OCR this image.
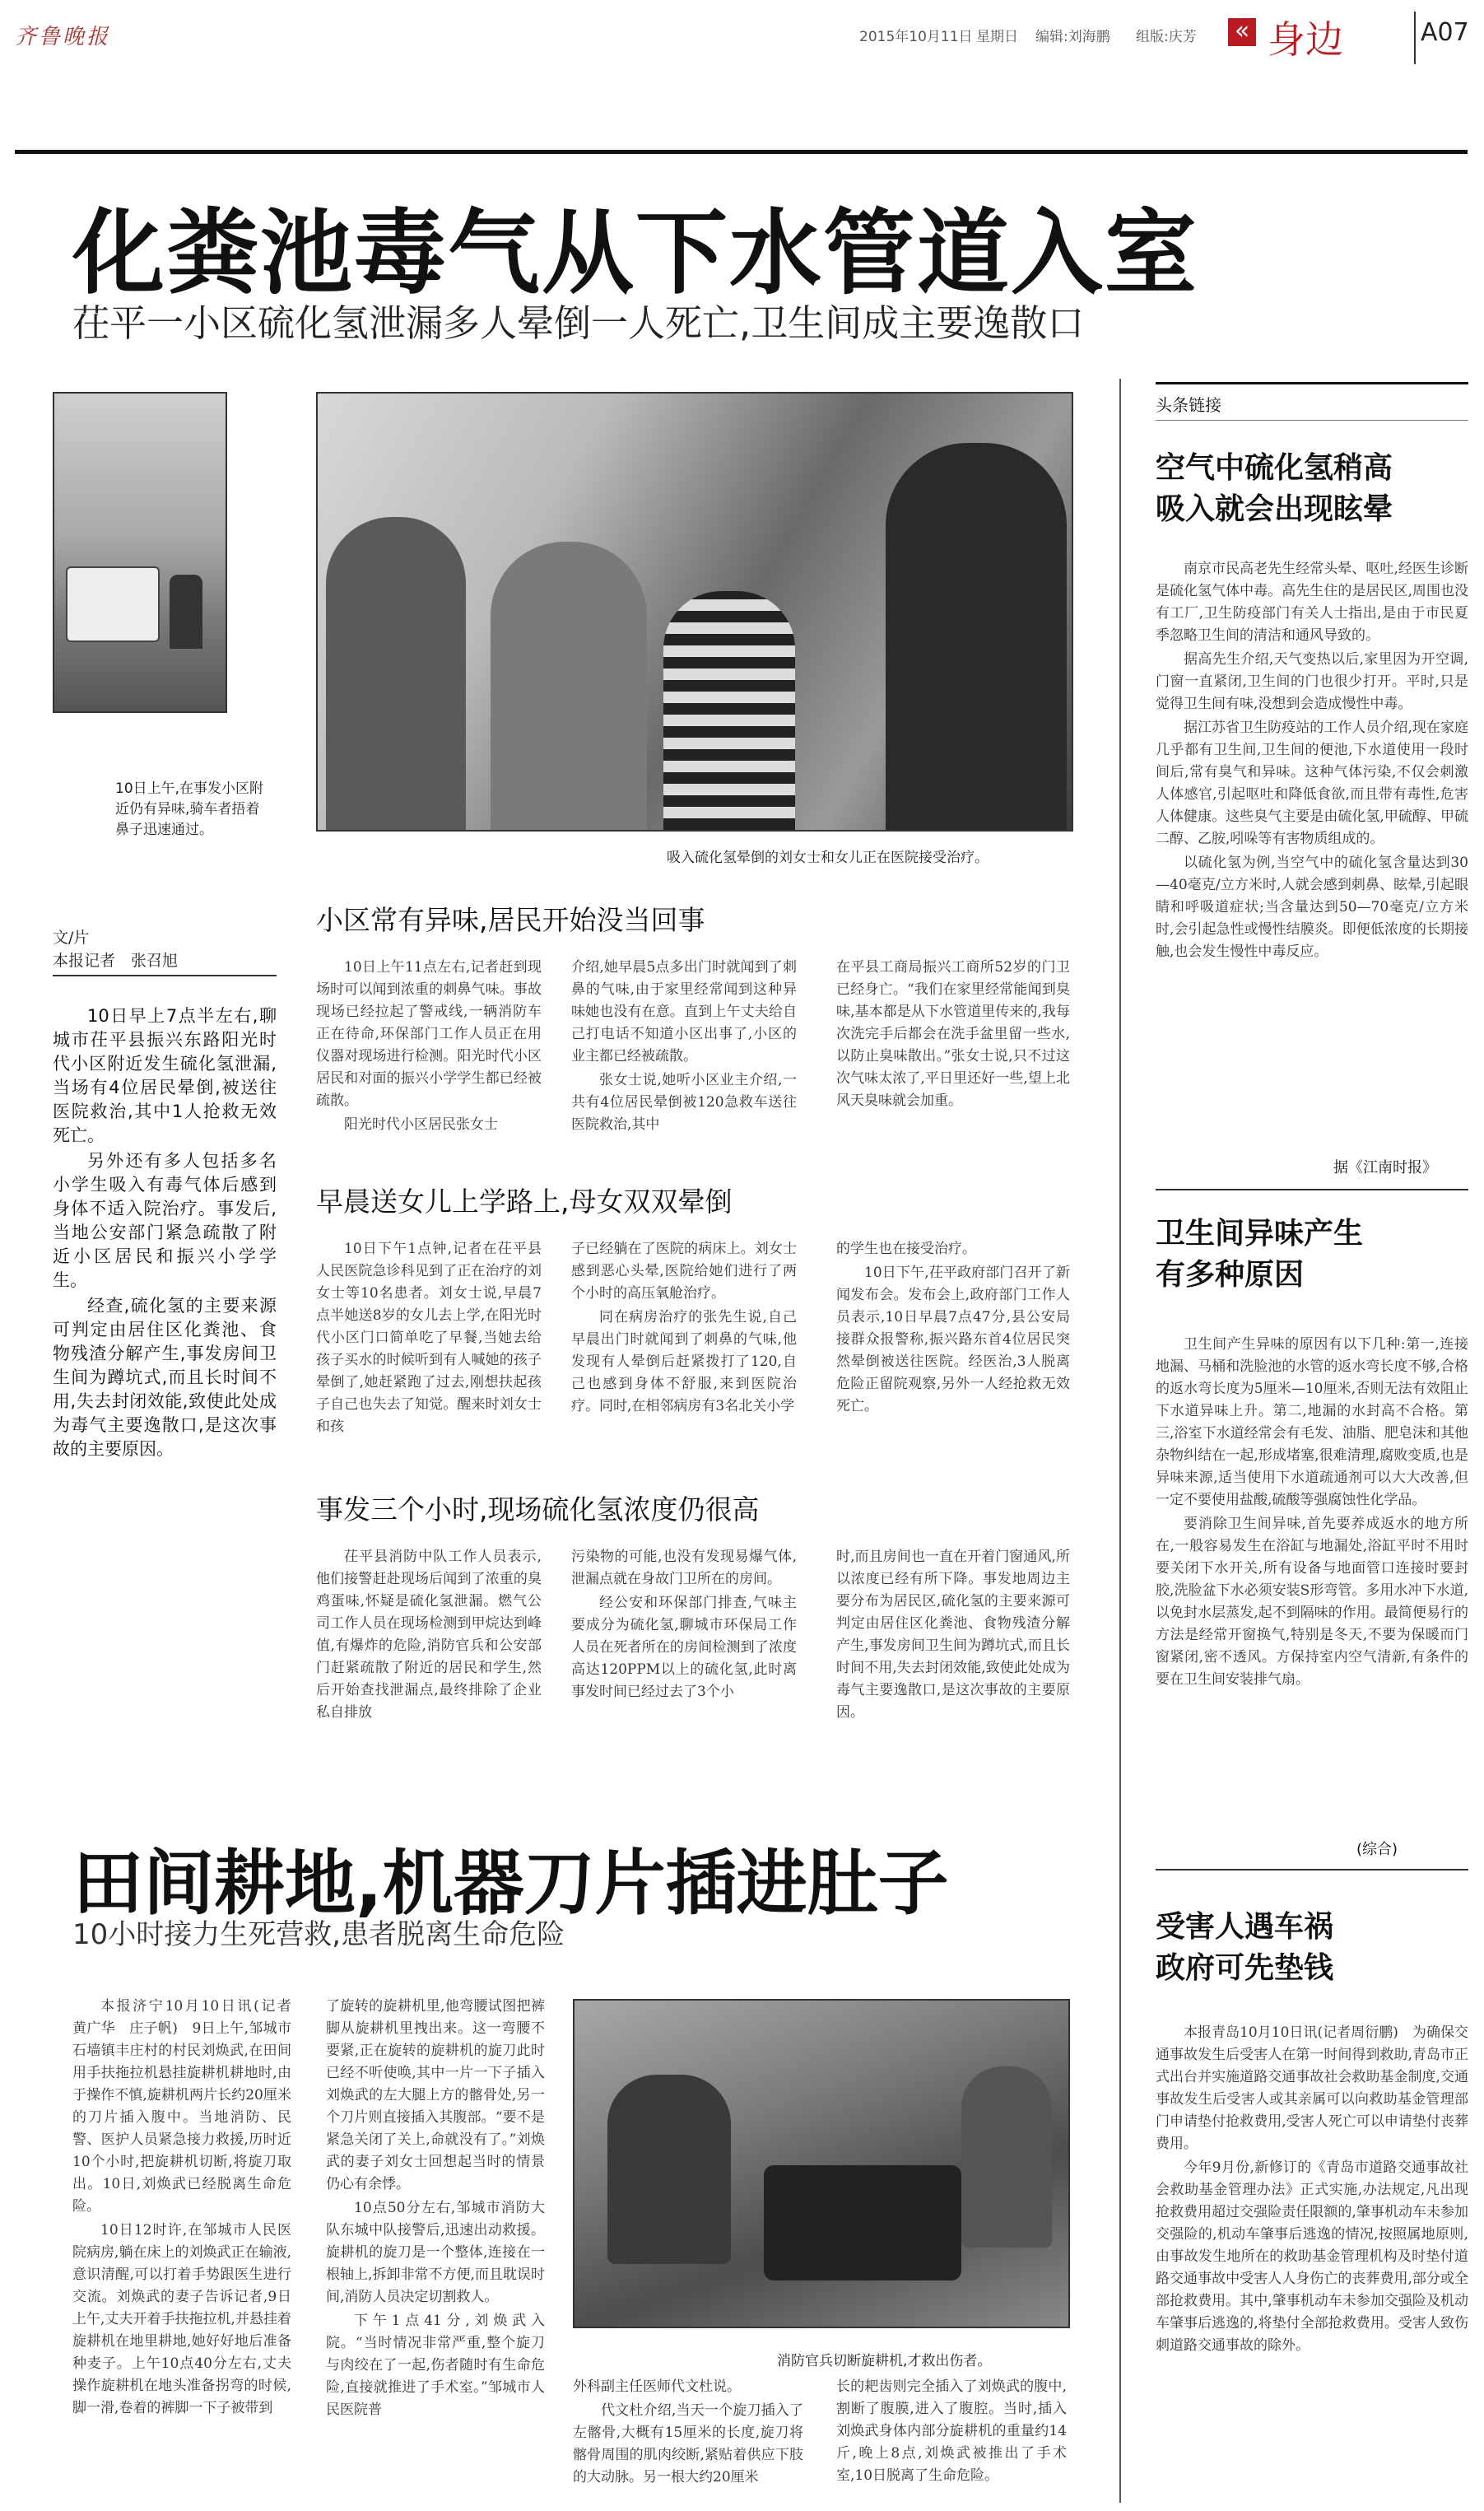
齐鲁晚报	2015年10月11日 星期日 编辑:刘海鹏 组版:庆芳 « 身边	A07
化粪池毒气从下水管道入室
茌平一小区硫化氢泄漏多人晕倒一人死亡,卫生间成主要逸散口
10日上午,在事发小区附近仍有异味,骑车者捂着鼻子迅速通过。
吸入硫化氢晕倒的刘女士和女儿正在医院接受治疗。
文/片
本报记者　张召旭

10日早上7点半左右,聊城市茌平县振兴东路阳光时代小区附近发生硫化氢泄漏,当场有4位居民晕倒,被送往医院救治,其中1人抢救无效死亡。

另外还有多人包括多名小学生吸入有毒气体后感到身体不适入院治疗。事发后,当地公安部门紧急疏散了附近小区居民和振兴小学学生。

经查,硫化氢的主要来源可判定由居住区化粪池、食物残渣分解产生,事发房间卫生间为蹲坑式,而且长时间不用,失去封闭效能,致使此处成为毒气主要逸散口,是这次事故的主要原因。

小区常有异味,居民开始没当回事

10日上午11点左右,记者赶到现场时可以闻到浓重的刺鼻气味。事故现场已经拉起了警戒线,一辆消防车正在待命,环保部门工作人员正在用仪器对现场进行检测。阳光时代小区居民和对面的振兴小学学生都已经被疏散。

阳光时代小区居民张女士

介绍,她早晨5点多出门时就闻到了刺鼻的气味,由于家里经常闻到这种异味她也没有在意。直到上午丈夫给自己打电话不知道小区出事了,小区的业主都已经被疏散。

张女士说,她听小区业主介绍,一共有4位居民晕倒被120急救车送往医院救治,其中

在平县工商局振兴工商所52岁的门卫已经身亡。“我们在家里经常能闻到臭味,基本都是从下水管道里传来的,我每次洗完手后都会在洗手盆里留一些水,以防止臭味散出。”张女士说,只不过这次气味太浓了,平日里还好一些,望上北风天臭味就会加重。

早晨送女儿上学路上,母女双双晕倒

10日下午1点钟,记者在茌平县人民医院急诊科见到了正在治疗的刘女士等10名患者。刘女士说,早晨7点半她送8岁的女儿去上学,在阳光时代小区门口简单吃了早餐,当她去给孩子买水的时候听到有人喊她的孩子晕倒了,她赶紧跑了过去,刚想扶起孩子自己也失去了知觉。醒来时刘女士和孩

子已经躺在了医院的病床上。刘女士感到恶心头晕,医院给她们进行了两个小时的高压氧舱治疗。

同在病房治疗的张先生说,自己早晨出门时就闻到了刺鼻的气味,他发现有人晕倒后赶紧拨打了120,自己也感到身体不舒服,来到医院治疗。同时,在相邻病房有3名北关小学

的学生也在接受治疗。

10日下午,茌平政府部门召开了新闻发布会。发布会上,政府部门工作人员表示,10日早晨7点47分,县公安局接群众报警称,振兴路东首4位居民突然晕倒被送往医院。经医治,3人脱离危险正留院观察,另外一人经抢救无效死亡。

事发三个小时,现场硫化氢浓度仍很高

茌平县消防中队工作人员表示,他们接警赶赴现场后闻到了浓重的臭鸡蛋味,怀疑是硫化氢泄漏。燃气公司工作人员在现场检测到甲烷达到峰值,有爆炸的危险,消防官兵和公安部门赶紧疏散了附近的居民和学生,然后开始查找泄漏点,最终排除了企业私自排放

污染物的可能,也没有发现易爆气体,泄漏点就在身故门卫所在的房间。

经公安和环保部门排查,气味主要成分为硫化氢,聊城市环保局工作人员在死者所在的房间检测到了浓度高达120PPM以上的硫化氢,此时离事发时间已经过去了3个小

时,而且房间也一直在开着门窗通风,所以浓度已经有所下降。事发地周边主要分布为居民区,硫化氢的主要来源可判定由居住区化粪池、食物残渣分解产生,事发房间卫生间为蹲坑式,而且长时间不用,失去封闭效能,致使此处成为毒气主要逸散口,是这次事故的主要原因。

田间耕地,机器刀片插进肚子
10小时接力生死营救,患者脱离生命危险

本报济宁10月10日讯(记者　黄广华　庄子帆)　9日上午,邹城市石墙镇丰庄村的村民刘焕武,在田间用手扶拖拉机悬挂旋耕机耕地时,由于操作不慎,旋耕机两片长约20厘米的刀片插入腹中。当地消防、民警、医护人员紧急接力救援,历时近10个小时,把旋耕机切断,将旋刀取出。10日,刘焕武已经脱离生命危险。

10日12时许,在邹城市人民医院病房,躺在床上的刘焕武正在输液,意识清醒,可以打着手势跟医生进行交流。刘焕武的妻子告诉记者,9日上午,丈夫开着手扶拖拉机,并悬挂着旋耕机在地里耕地,她好好地后准备种麦子。上午10点40分左右,丈夫操作旋耕机在地头准备拐弯的时候,脚一滑,卷着的裤脚一下子被带到

了旋转的旋耕机里,他弯腰试图把裤脚从旋耕机里拽出来。这一弯腰不要紧,正在旋转的旋耕机的旋刀此时已经不听使唤,其中一片一下子插入刘焕武的左大腿上方的髂骨处,另一个刀片则直接插入其腹部。“要不是紧急关闭了关上,命就没有了。”刘焕武的妻子刘女士回想起当时的情景仍心有余悸。

10点50分左右,邹城市消防大队东城中队接警后,迅速出动救援。旋耕机的旋刀是一个整体,连接在一根轴上,拆卸非常不方便,而且耽误时间,消防人员决定切割救人。

下午1点41分,刘焕武入院。“当时情况非常严重,整个旋刀与肉绞在了一起,伤者随时有生命危险,直接就推进了手术室。”邹城市人民医院普

消防官兵切断旋耕机,才救出伤者。

外科副主任医师代文杜说。

代文杜介绍,当天一个旋刀插入了左髂骨,大概有15厘米的长度,旋刀将髂骨周围的肌肉绞断,紧贴着供应下肢的大动脉。另一根大约20厘米

长的耙齿则完全插入了刘焕武的腹中,割断了腹膜,进入了腹腔。当时,插入刘焕武身体内部分旋耕机的重量约14斤,晚上8点,刘焕武被推出了手术室,10日脱离了生命危险。

头条链接
空气中硫化氢稍高
吸入就会出现眩晕

南京市民高老先生经常头晕、呕吐,经医生诊断是硫化氢气体中毒。高先生住的是居民区,周围也没有工厂,卫生防疫部门有关人士指出,是由于市民夏季忽略卫生间的清洁和通风导致的。

据高先生介绍,天气变热以后,家里因为开空调,门窗一直紧闭,卫生间的门也很少打开。平时,只是觉得卫生间有味,没想到会造成慢性中毒。

据江苏省卫生防疫站的工作人员介绍,现在家庭几乎都有卫生间,卫生间的便池,下水道使用一段时间后,常有臭气和异味。这种气体污染,不仅会刺激人体感官,引起呕吐和降低食欲,而且带有毒性,危害人体健康。这些臭气主要是由硫化氢,甲硫醇、甲硫二醇、乙胺,吲哚等有害物质组成的。

以硫化氢为例,当空气中的硫化氢含量达到30—40毫克/立方米时,人就会感到刺鼻、眩晕,引起眼睛和呼吸道症状;当含量达到50—70毫克/立方米时,会引起急性或慢性结膜炎。即便低浓度的长期接触,也会发生慢性中毒反应。

据《江南时报》
卫生间异味产生
有多种原因

卫生间产生异味的原因有以下几种:第一,连接地漏、马桶和洗脸池的水管的返水弯长度不够,合格的返水弯长度为5厘米—10厘米,否则无法有效阻止下水道异味上升。第二,地漏的水封高不合格。第三,浴室下水道经常会有毛发、油脂、肥皂沫和其他杂物纠结在一起,形成堵塞,很难清理,腐败变质,也是异味来源,适当使用下水道疏通剂可以大大改善,但一定不要使用盐酸,硫酸等强腐蚀性化学品。

要消除卫生间异味,首先要养成返水的地方所在,一般容易发生在浴缸与地漏处,浴缸平时不用时要关闭下水开关,所有设备与地面管口连接时要封胶,洗脸盆下水必须安装S形弯管。多用水冲下水道,以免封水层蒸发,起不到隔味的作用。最简便易行的方法是经常开窗换气,特别是冬天,不要为保暖而门窗紧闭,密不透风。方保持室内空气清新,有条件的要在卫生间安装排气扇。

(综合)
受害人遇车祸
政府可先垫钱

本报青岛10月10日讯(记者周衍鹏)　为确保交通事故发生后受害人在第一时间得到救助,青岛市正式出台并实施道路交通事故社会救助基金制度,交通事故发生后受害人或其亲属可以向救助基金管理部门申请垫付抢救费用,受害人死亡可以申请垫付丧葬费用。

今年9月份,新修订的《青岛市道路交通事故社会救助基金管理办法》正式实施,办法规定,凡出现抢救费用超过交强险责任限额的,肇事机动车未参加交强险的,机动车肇事后逃逸的情况,按照属地原则,由事故发生地所在的救助基金管理机构及时垫付道路交通事故中受害人人身伤亡的丧葬费用,部分或全部抢救费用。其中,肇事机动车未参加交强险及机动车肇事后逃逸的,将垫付全部抢救费用。受害人致伤刺道路交通事故的除外。

空
